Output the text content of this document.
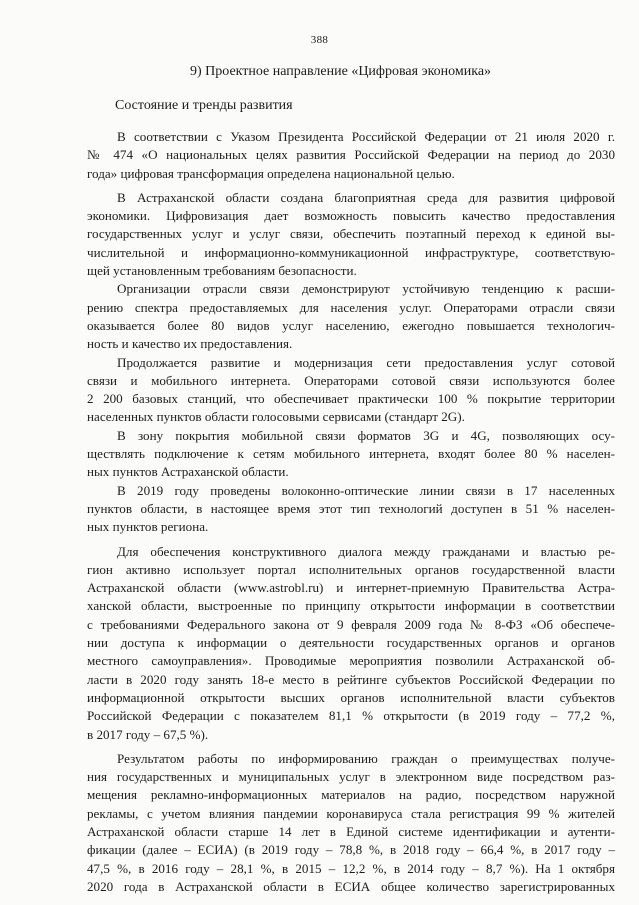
388
9) Проектное направление «Цифровая экономика»
Состояние и тренды развития
В соответствии с Указом Президента Российской Федерации от 21 июля 2020 г.
№ 474 «О национальных целях развития Российской Федерации на период до 2030
года» цифровая трансформация определена национальной целью.
В Астраханской области создана благоприятная среда для развития цифровой
экономики. Цифровизация дает возможность повысить качество предоставления
государственных услуг и услуг связи, обеспечить поэтапный переход к единой вы-
числительной и информационно-коммуникационной инфраструктуре, соответствую-
щей установленным требованиям безопасности.
Организации отрасли связи демонстрируют устойчивую тенденцию к расши-
рению спектра предоставляемых для населения услуг. Операторами отрасли связи
оказывается более 80 видов услуг населению, ежегодно повышается технологич-
ность и качество их предоставления.
Продолжается развитие и модернизация сети предоставления услуг сотовой
связи и мобильного интернета. Операторами сотовой связи используются более
2 200 базовых станций, что обеспечивает практически 100 % покрытие территории
населенных пунктов области голосовыми сервисами (стандарт 2G).
В зону покрытия мобильной связи форматов 3G и 4G, позволяющих осу-
ществлять подключение к сетям мобильного интернета, входят более 80 % населен-
ных пунктов Астраханской области.
В 2019 году проведены волоконно-оптические линии связи в 17 населенных
пунктов области, в настоящее время этот тип технологий доступен в 51 % населен-
ных пунктов региона.
Для обеспечения конструктивного диалога между гражданами и властью ре-
гион активно использует портал исполнительных органов государственной власти
Астраханской области (www.astrobl.ru) и интернет-приемную Правительства Астра-
ханской области, выстроенные по принципу открытости информации в соответствии
с требованиями Федерального закона от 9 февраля 2009 года № 8-ФЗ «Об обеспече-
нии доступа к информации о деятельности государственных органов и органов
местного самоуправления». Проводимые мероприятия позволили Астраханской об-
ласти в 2020 году занять 18-е место в рейтинге субъектов Российской Федерации по
информационной открытости высших органов исполнительной власти субъектов
Российской Федерации с показателем 81,1 % открытости (в 2019 году – 77,2 %,
в 2017 году – 67,5 %).
Результатом работы по информированию граждан о преимуществах получе-
ния государственных и муниципальных услуг в электронном виде посредством раз-
мещения рекламно-информационных материалов на радио, посредством наружной
рекламы, с учетом влияния пандемии коронавируса стала регистрация 99 % жителей
Астраханской области старше 14 лет в Единой системе идентификации и аутенти-
фикации (далее – ЕСИА) (в 2019 году – 78,8 %, в 2018 году – 66,4 %, в 2017 году –
47,5 %, в 2016 году – 28,1 %, в 2015 – 12,2 %, в 2014 году – 8,7 %). На 1 октября
2020 года в Астраханской области в ЕСИА общее количество зарегистрированных
